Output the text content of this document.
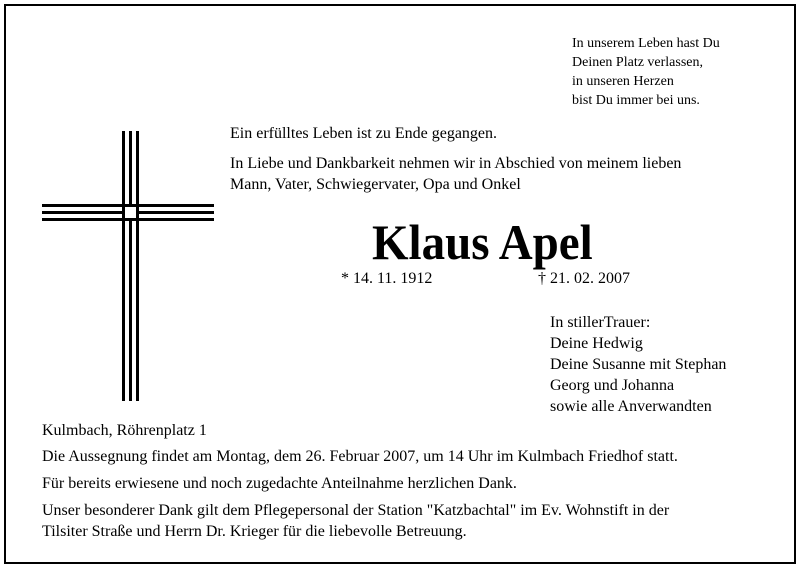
In unserem Leben hast Du
Deinen Platz verlassen,
in unseren Herzen
bist Du immer bei uns.
Ein erfülltes Leben ist zu Ende gegangen.
In Liebe und Dankbarkeit nehmen wir in Abschied von meinem lieben
Mann, Vater, Schwiegervater, Opa und Onkel
Klaus Apel
* 14. 11. 1912	† 21. 02. 2007
In stillerTrauer:
Deine Hedwig
Deine Susanne mit Stephan
Georg und Johanna
sowie alle Anverwandten
Kulmbach, Röhrenplatz 1
Die Aussegnung findet am Montag, dem 26. Februar 2007, um 14 Uhr im Kulmbach Friedhof statt.
Für bereits erwiesene und noch zugedachte Anteilnahme herzlichen Dank.
Unser besonderer Dank gilt dem Pflegepersonal der Station "Katzbachtal" im Ev. Wohnstift in der
Tilsiter Straße und Herrn Dr. Krieger für die liebevolle Betreuung.
